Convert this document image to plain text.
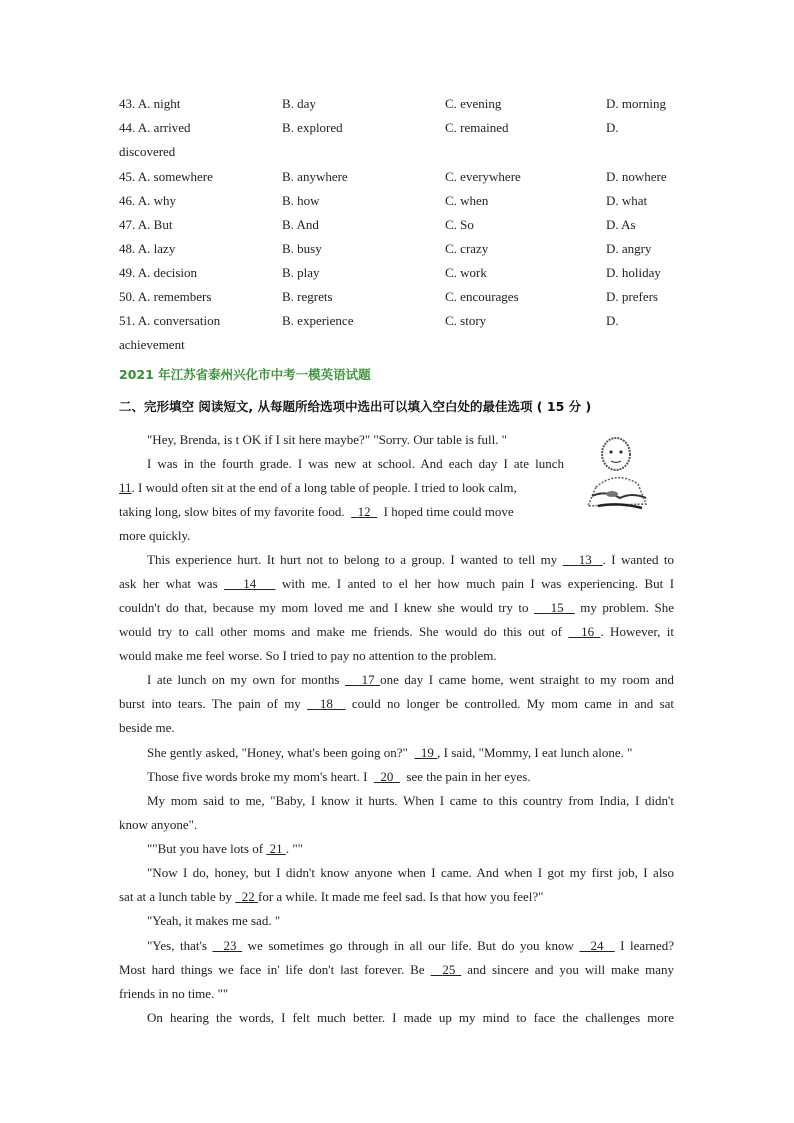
43. A. night	B. day	C. evening	D. morning
44. A. arrived	B. explored	C. remained	D.
discovered
45. A. somewhere	B. anywhere	C. everywhere	D. nowhere
46. A. why	B. how	C. when	D. what
47. A. But	B. And	C. So	D. As
48. A. lazy	B. busy	C. crazy	D. angry
49. A. decision	B. play	C. work	D. holiday
50. A. remembers	B. regrets	C. encourages	D. prefers
51. A. conversation	B. experience	C. story	D.
achievement
2021 年江苏省泰州兴化市中考一模英语试题
二、完形填空 阅读短文, 从每题所给选项中选出可以填入空白处的最佳选项 ( 15 分 )
"Hey, Brenda, is t OK if I sit here maybe?" "Sorry. Our table is full. "
I was in the fourth grade. I was new at school. And each day I ate lunch
11. I would often sit at the end of a long table of people. I tried to look calm,
taking long, slow bites of my favorite food. 12 I hoped time could move
more quickly.
This experience hurt. It hurt not to belong to a group. I wanted to tell my 13 . I wanted to
ask her what was 14 with me. I anted to el her how much pain I was experiencing. But I
couldn't do that, because my mom loved me and I knew she would try to 15 my problem. She
would try to call other moms and make me friends. She would do this out of 16 . However, it
would make me feel worse. So I tried to pay no attention to the problem.
I ate lunch on my own for months 17 one day I came home, went straight to my room and
burst into tears. The pain of my 18 could no longer be controlled. My mom came in and sat
beside me.
She gently asked, "Honey, what's been going on?" 19 , I said, "Mommy, I eat lunch alone. "
Those five words broke my mom's heart. I 20 see the pain in her eyes.
My mom said to me, "Baby, I know it hurts. When I came to this country from India, I didn't
know anyone".
""But you have lots of 21 . ""
"Now I do, honey, but I didn't know anyone when I came. And when I got my first job, I also
sat at a lunch table by 22 for a while. It made me feel sad. Is that how you feel?"
"Yeah, it makes me sad. "
"Yes, that's 23 we sometimes go through in all our life. But do you know 24 I learned?
Most hard things we face in' life don't last forever. Be 25 and sincere and you will make many
friends in no time. ""
On hearing the words, I felt much better. I made up my mind to face the challenges more
